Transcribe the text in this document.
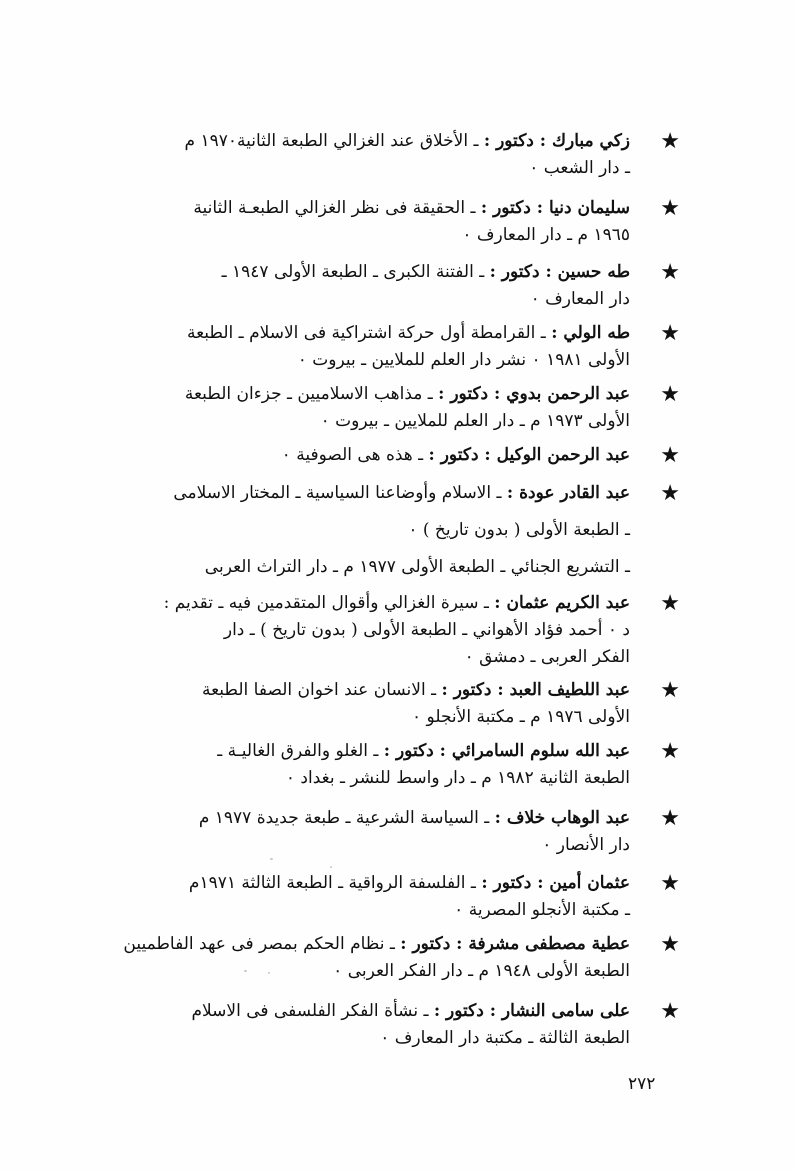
★
زكي مبارك : دكتور : ـ الأخلاق عند الغزالي الطبعة الثانية١٩٧٠ م
ـ دار الشعب ٠
★
سليمان دنيا : دكتور : ـ الحقيقة فى نظر الغزالي الطبعـة الثانية
١٩٦٥ م ـ دار المعارف ٠
★
طه حسين : دكتور : ـ الفتنة الكبرى ـ الطبعة الأولى ١٩٤٧ ـ
دار المعارف ٠
★
طه الولي : ـ القرامطة أول حركة اشتراكية فى الاسلام ـ الطبعة
الأولى ١٩٨١ ٠ نشر دار العلم للملايين ـ بيروت ٠
★
عبد الرحمن بدوي : دكتور : ـ مذاهب الاسلاميين ـ جزءان الطبعة
الأولى ١٩٧٣ م ـ دار العلم للملايين ـ بيروت ٠
★
عبد الرحمن الوكيل : دكتور : ـ هذه هى الصوفية ٠
★
عبد القادر عودة : ـ الاسلام وأوضاعنا السياسية ـ المختار الاسلامى
ـ الطبعة الأولى ( بدون تاريخ ) ٠
ـ التشريع الجنائي ـ الطبعة الأولى ١٩٧٧ م ـ دار التراث العربى
★
عبد الكريم عثمان : ـ سيرة الغزالي وأقوال المتقدمين فيه ـ تقديم :
د ٠ أحمد فؤاد الأهواني ـ الطبعة الأولى ( بدون تاريخ ) ـ دار
الفكر العربى ـ دمشق ٠
★
عبد اللطيف العبد : دكتور : ـ الانسان عند اخوان الصفا الطبعة
الأولى ١٩٧٦ م ـ مكتبة الأنجلو ٠
★
عبد الله سلوم السامرائي : دكتور : ـ الغلو والفرق الغاليـة ـ
الطبعة الثانية ١٩٨٢ م ـ دار واسط للنشر ـ بغداد ٠
★
عبد الوهاب خلاف : ـ السياسة الشرعية ـ طبعة جديدة ١٩٧٧ م
دار الأنصار ٠
★
عثمان أمين : دكتور : ـ الفلسفة الرواقية ـ الطبعة الثالثة ١٩٧١م
ـ مكتبة الأنجلو المصرية ٠
★
عطية مصطفى مشرفة : دكتور : ـ نظام الحكم بمصر فى عهد الفاطميين
الطبعة الأولى ١٩٤٨ م ـ دار الفكر العربى ٠
★
على سامى النشار : دكتور : ـ نشأة الفكر الفلسفى فى الاسلام
الطبعة الثالثة ـ مكتبة دار المعارف ٠
٢٧٢
